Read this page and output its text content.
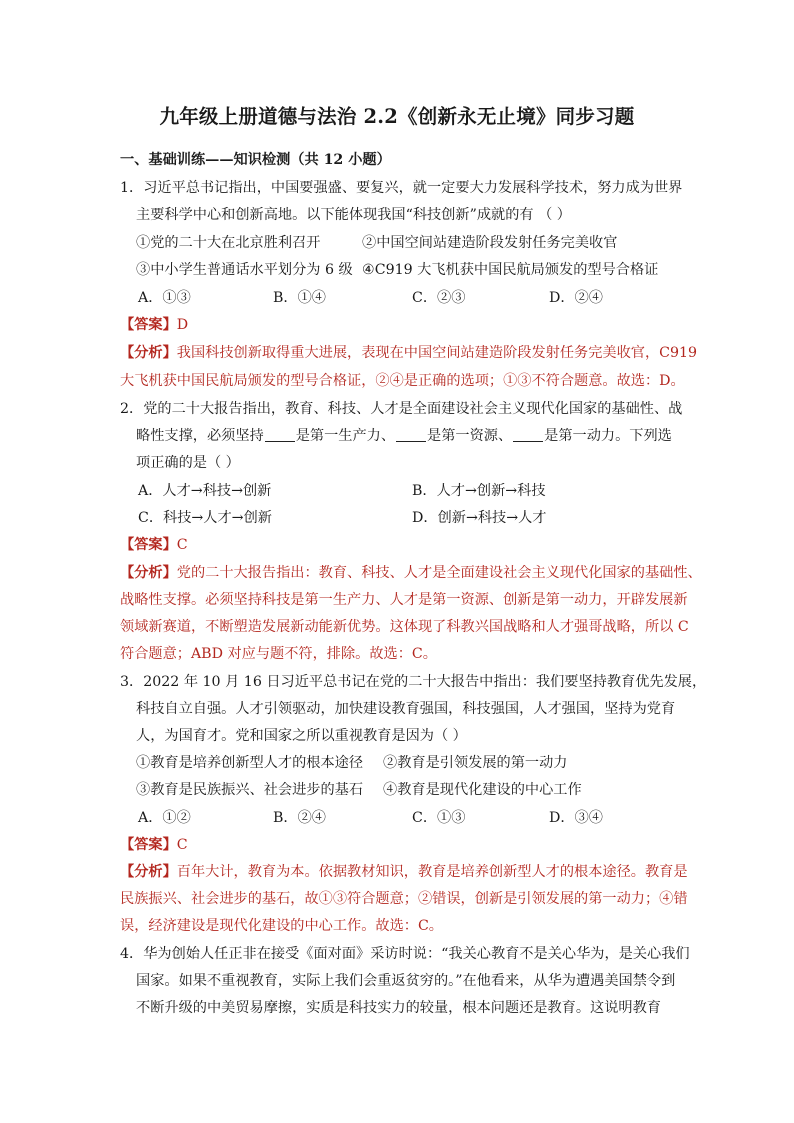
九年级上册道德与法治 2.2《创新永无止境》同步习题
一、基础训练——知识检测（共 12 小题）
1．习近平总书记指出，中国要强盛、要复兴，就一定要大力发展科学技术，努力成为世界
主要科学中心和创新高地。以下能体现我国“科技创新”成就的有 （ ）
①党的二十大在北京胜利召开	②中国空间站建造阶段发射任务完美收官
③中小学生普通话水平划分为 6 级 ④C919 大飞机获中国民航局颁发的型号合格证
A．①③	B．①④	C．②③	D．②④
【答案】D
【分析】我国科技创新取得重大进展，表现在中国空间站建造阶段发射任务完美收官，C919
大飞机获中国民航局颁发的型号合格证，②④是正确的选项；①③不符合题意。故选：D。
2．党的二十大报告指出，教育、科技、人才是全面建设社会主义现代化国家的基础性、战
略性支撑，必须坚持 是第一生产力、 是第一资源、 是第一动力。下列选
项正确的是（ ）
A．人才→科技→创新	B．人才→创新→科技
C．科技→人才→创新	D．创新→科技→人才
【答案】C
【分析】党的二十大报告指出：教育、科技、人才是全面建设社会主义现代化国家的基础性、
战略性支撑。必须坚持科技是第一生产力、人才是第一资源、创新是第一动力，开辟发展新
领域新赛道，不断塑造发展新动能新优势。这体现了科教兴国战略和人才强哥战略，所以 C
符合题意；ABD 对应与题不符，排除。故选：C。
3．2022 年 10 月 16 日习近平总书记在党的二十大报告中指出：我们要坚持教育优先发展，
科技自立自强。人才引领驱动，加快建设教育强国，科技强国，人才强国，坚持为党育
人，为国育才。党和国家之所以重视教育是因为（ ）
①教育是培养创新型人才的根本途径 ②教育是引领发展的第一动力
③教育是民族振兴、社会进步的基石 ④教育是现代化建设的中心工作
A．①②	B．②④	C．①③	D．③④
【答案】C
【分析】百年大计，教育为本。依据教材知识，教育是培养创新型人才的根本途径。教育是
民族振兴、社会进步的基石，故①③符合题意；②错误，创新是引领发展的第一动力；④错
误，经济建设是现代化建设的中心工作。故选：C。
4．华为创始人任正非在接受《面对面》采访时说：“我关心教育不是关心华为，是关心我们
国家。如果不重视教育，实际上我们会重返贫穷的。”在他看来，从华为遭遇美国禁令到
不断升级的中美贸易摩擦，实质是科技实力的较量，根本问题还是教育。这说明教育
